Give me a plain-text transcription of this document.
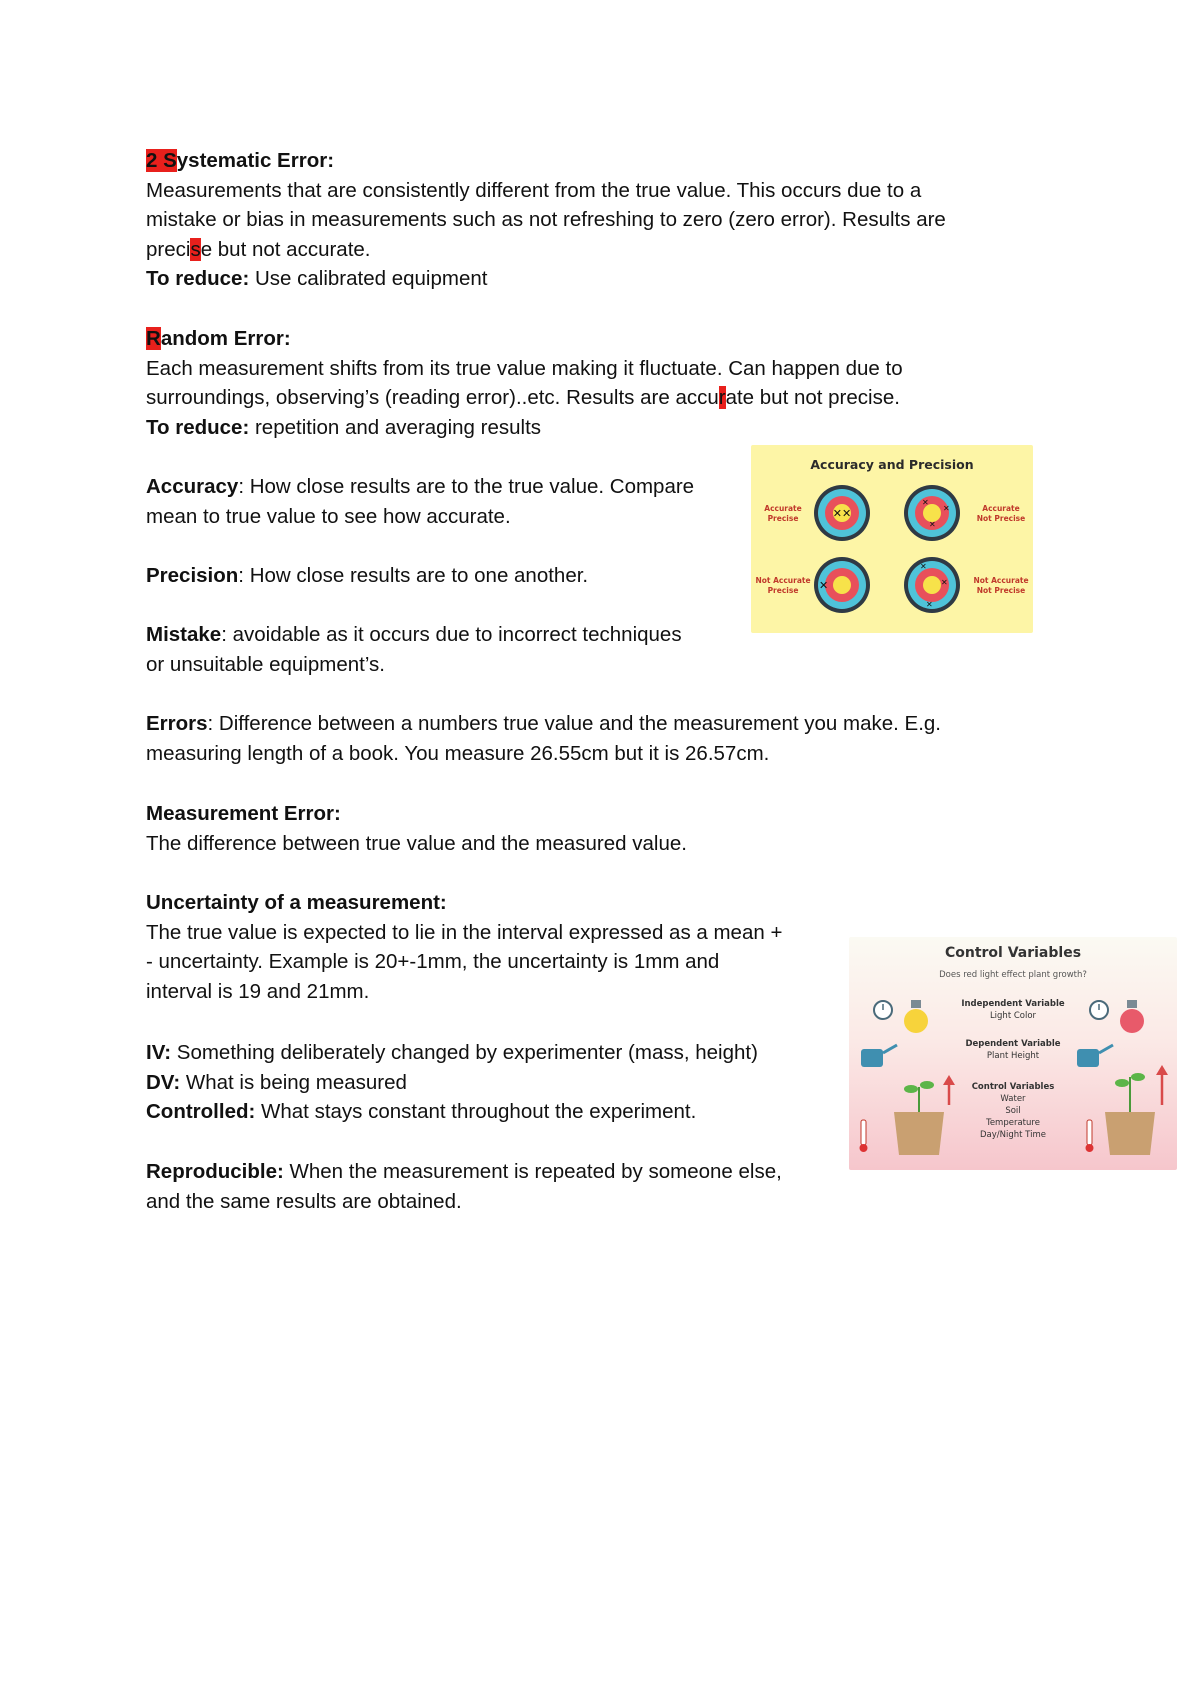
2 Systematic Error:

Measurements that are consistently different from the true value. This occurs due to a

mistake or bias in measurements such as not refreshing to zero (zero error). Results are

precise but not accurate.

To reduce: Use calibrated equipment

Random Error:

Each measurement shifts from its true value making it fluctuate. Can happen due to

surroundings, observing’s (reading error)..etc. Results are accurate but not precise.

To reduce: repetition and averaging results

Accuracy: How close results are to the true value. Compare

mean to true value to see how accurate.

Precision: How close results are to one another.

Mistake: avoidable as it occurs due to incorrect techniques

or unsuitable equipment’s.

Errors: Difference between a numbers true value and the measurement you make. E.g.

measuring length of a book. You measure 26.55cm but it is 26.57cm.

Measurement Error:

The difference between true value and the measured value.

Uncertainty of a measurement:

The true value is expected to lie in the interval expressed as a mean +

- uncertainty. Example is 20+-1mm, the uncertainty is 1mm and

interval is 19 and 21mm.

IV: Something deliberately changed by experimenter (mass, height)

DV: What is being measured

Controlled: What stays constant throughout the experiment.

Reproducible: When the measurement is repeated by someone else,

and the same results are obtained.

Accuracy and Precision
✕✕
✕
✕
✕
✕
✕
✕
✕
Accurate
Precise
Accurate
Not Precise
Not Accurate
Precise
Not Accurate
Not Precise
Control Variables
Does red light effect plant growth?
Independent Variable
Light Color
Dependent Variable
Plant Height
Control Variables
Water
Soil
Temperature
Day/Night Time
